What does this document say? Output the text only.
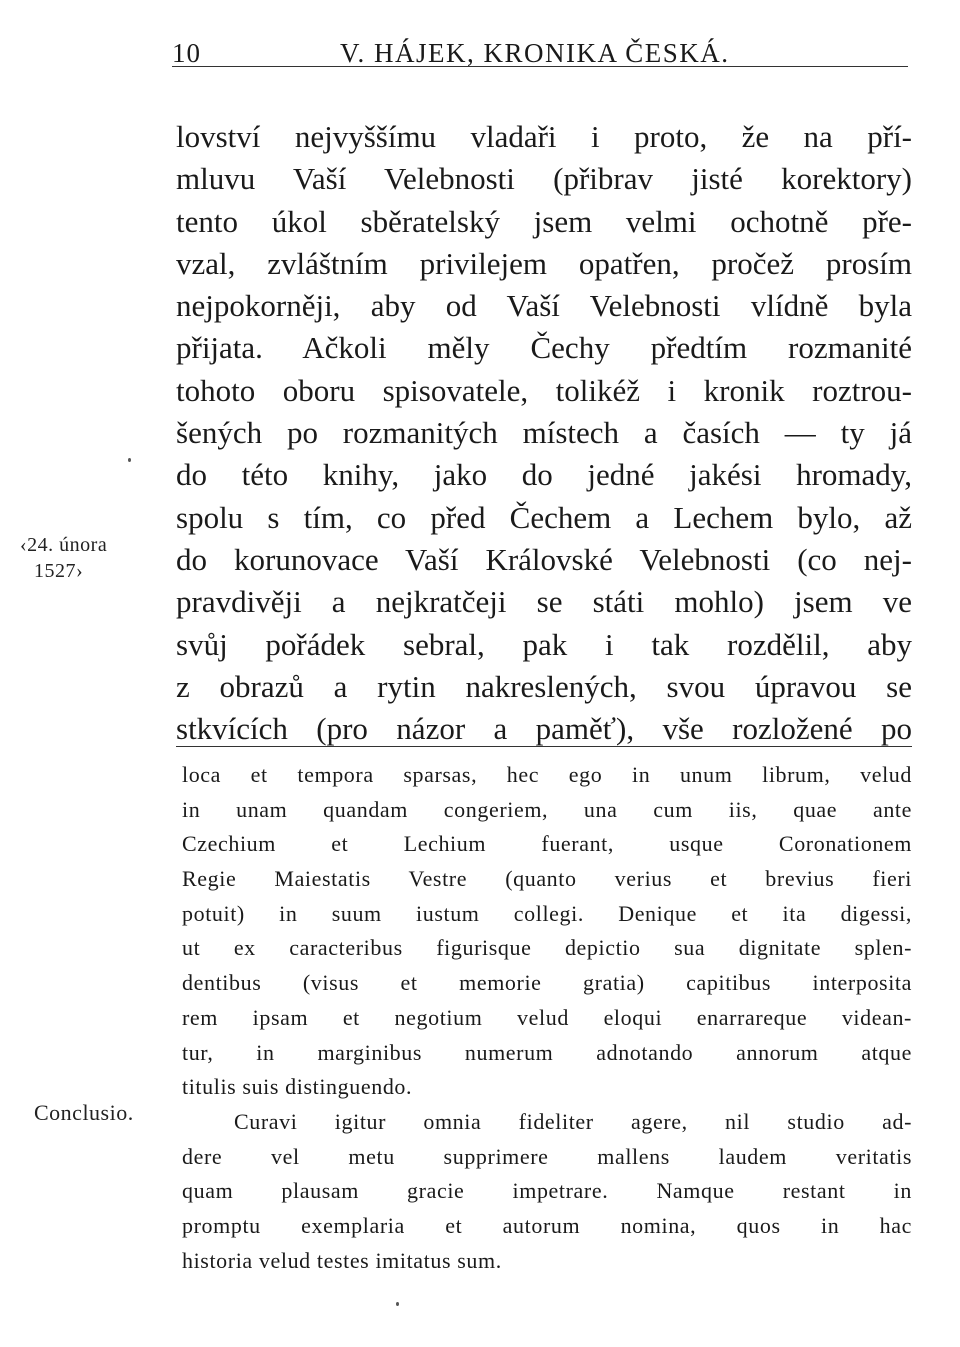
10	V. HÁJEK, KRONIKA ČESKÁ.
lovství nejvyššímu vladaři i proto, že na pří-
mluvu Vaší Velebnosti (přibrav jisté korektory)
tento úkol sběratelský jsem velmi ochotně pře-
vzal, zvláštním privilejem opatřen, pročež prosím
nejpokorněji, aby od Vaší Velebnosti vlídně byla
přijata. Ačkoli měly Čechy předtím rozmanité
tohoto oboru spisovatele, tolikéž i kronik roztrou-
šených po rozmanitých místech a časích — ty já
do této knihy, jako do jedné jakési hromady,
spolu s tím, co před Čechem a Lechem bylo, až
do korunovace Vaší Královské Velebnosti (co nej-
pravdivěji a nejkratčeji se státi mohlo) jsem ve
svůj pořádek sebral, pak i tak rozdělil, aby
z obrazů a rytin nakreslených, svou úpravou se
stkvících (pro názor a paměť), vše rozložené po
‹24. února
1527›
loca et tempora sparsas, hec ego in unum librum, velud
in unam quandam congeriem, una cum iis, quae ante
Czechium et Lechium fuerant, usque Coronationem
Regie Maiestatis Vestre (quanto verius et brevius fieri
potuit) in suum iustum collegi. Denique et ita digessi,
ut ex caracteribus figurisque depictio sua dignitate splen-
dentibus (visus et memorie gratia) capitibus interposita
rem ipsam et negotium velud eloqui enarrareque videan-
tur, in marginibus numerum adnotando annorum atque
titulis suis distinguendo.
Curavi igitur omnia fideliter agere, nil studio ad-
dere vel metu supprimere mallens laudem veritatis
quam plausam gracie impetrare. Namque restant in
promptu exemplaria et autorum nomina, quos in hac
historia velud testes imitatus sum.
Conclusio.
